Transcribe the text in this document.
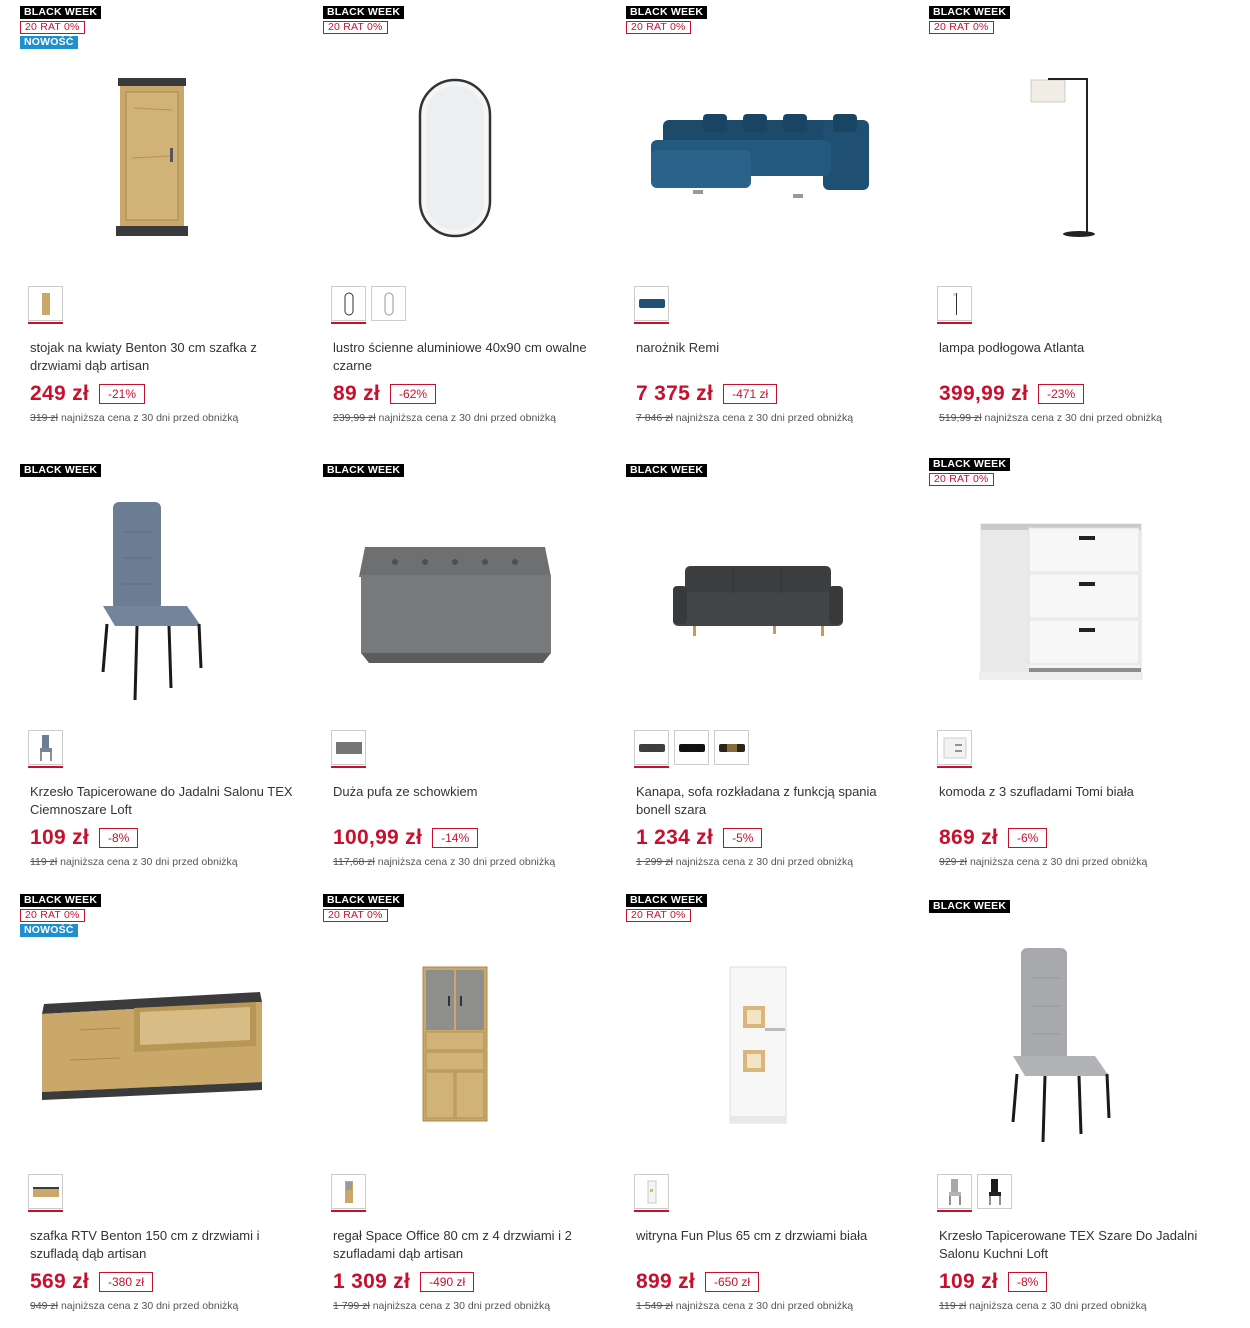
BLACK WEEK
20 RAT 0%
NOWOŚĆ
stojak na kwiaty Benton 30 cm szafka z drzwiami dąb artisan
249 zł	-21%
319 zł najniższa cena z 30 dni przed obniżką
BLACK WEEK
20 RAT 0%
lustro ścienne aluminiowe 40x90 cm owalne czarne
89 zł	-62%
239,99 zł najniższa cena z 30 dni przed obniżką
BLACK WEEK
20 RAT 0%
narożnik Remi
7 375 zł	-471 zł
7 846 zł najniższa cena z 30 dni przed obniżką
BLACK WEEK
20 RAT 0%
lampa podłogowa Atlanta
399,99 zł	-23%
519,99 zł najniższa cena z 30 dni przed obniżką
BLACK WEEK
Krzesło Tapicerowane do Jadalni Salonu TEX Ciemnoszare Loft
109 zł	-8%
119 zł najniższa cena z 30 dni przed obniżką
BLACK WEEK
Duża pufa ze schowkiem
100,99 zł	-14%
117,68 zł najniższa cena z 30 dni przed obniżką
BLACK WEEK
Kanapa, sofa rozkładana z funkcją spania bonell szara
1 234 zł	-5%
1 299 zł najniższa cena z 30 dni przed obniżką
BLACK WEEK
20 RAT 0%
komoda z 3 szufladami Tomi biała
869 zł	-6%
929 zł najniższa cena z 30 dni przed obniżką
BLACK WEEK
20 RAT 0%
NOWOŚĆ
szafka RTV Benton 150 cm z drzwiami i szufladą dąb artisan
569 zł	-380 zł
949 zł najniższa cena z 30 dni przed obniżką
BLACK WEEK
20 RAT 0%
regał Space Office 80 cm z 4 drzwiami i 2 szufladami dąb artisan
1 309 zł	-490 zł
1 799 zł najniższa cena z 30 dni przed obniżką
BLACK WEEK
20 RAT 0%
witryna Fun Plus 65 cm z drzwiami biała
899 zł	-650 zł
1 549 zł najniższa cena z 30 dni przed obniżką
BLACK WEEK
Krzesło Tapicerowane TEX Szare Do Jadalni Salonu Kuchni Loft
109 zł	-8%
119 zł najniższa cena z 30 dni przed obniżką
